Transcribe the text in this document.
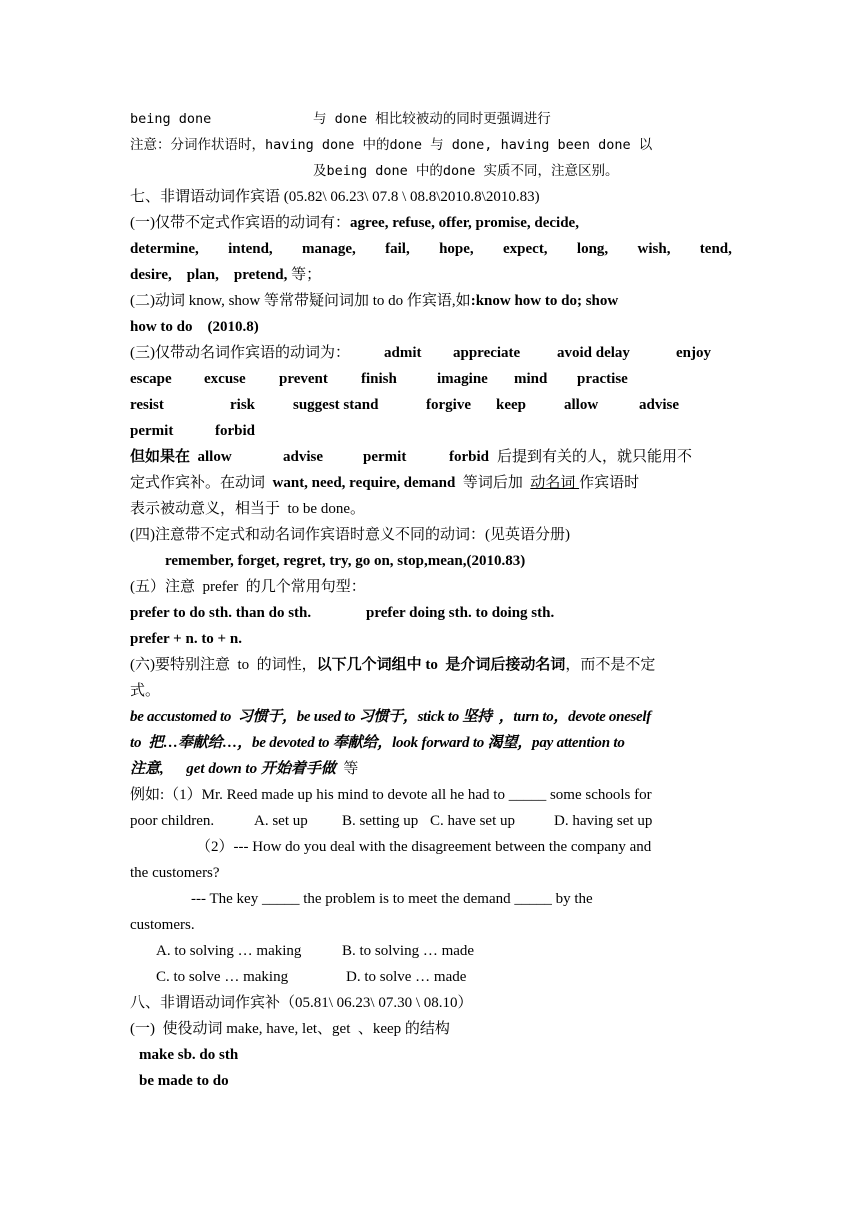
being done	与 done 相比较被动的同时更强调进行
注意：分词作状语时，having done 中的done 与 done, having been done 以
及being done 中的done 实质不同，注意区别。
七、非谓语动词作宾语 (05.82\ 06.23\ 07.8 \ 08.8\2010.8\2010.83)
(一)仅带不定式作宾语的动词有：agree, refuse, offer, promise, decide,
determine, intend, manage, fail, hope, expect, long, wish, tend,
desire,    plan,    pretend, 等；
(二)动词 know, show 等常带疑问词加 to do 作宾语,如:know how to do; show
how to do    (2010.8)
(三)仅带动名词作宾语的动词为： admit appreciate avoid delay	enjoy
escape excuse prevent finish	imagine mind practise
resist	risk	suggest stand	forgive keep	allow	advise
permit	forbid
但如果在  allow	advise	permit	forbid 后提到有关的人，就只能用不
定式作宾补。在动词  want, need, require, demand  等词后加  动名词 作宾语时
表示被动意义，相当于  to be done。
(四)注意带不定式和动名词作宾语时意义不同的动词：(见英语分册)
remember, forget, regret, try, go on, stop,mean,(2010.83)
(五）注意  prefer  的几个常用句型：
prefer to do sth. than do sth.	prefer doing sth. to doing sth.
prefer + n. to + n.
(六)要特别注意  to  的词性，以下几个词组中 to  是介词后接动名词，而不是不定
式。
be accustomed to  习惯于，be used to 习惯于，stick to 坚持  ，turn to，devote oneself
to  把…奉献给…，be devoted to 奉献给，look forward to 渴望，pay attention to
注意,      get down to 开始着手做  等
例如:（1）Mr. Reed made up his mind to devote all he had to _____ some schools for
poor children.	A. set up B. setting up C. have set up	D. having set up
（2）--- How do you deal with the disagreement between the company and
the customers?
--- The key _____ the problem is to meet the demand _____ by the
customers.
A. to solving … making	B. to solving … made
C. to solve … making	D. to solve … made
八、非谓语动词作宾补（05.81\ 06.23\ 07.30 \ 08.10）
(一)  使役动词 make, have, let、get  、keep 的结构
make sb. do sth
be made to do
